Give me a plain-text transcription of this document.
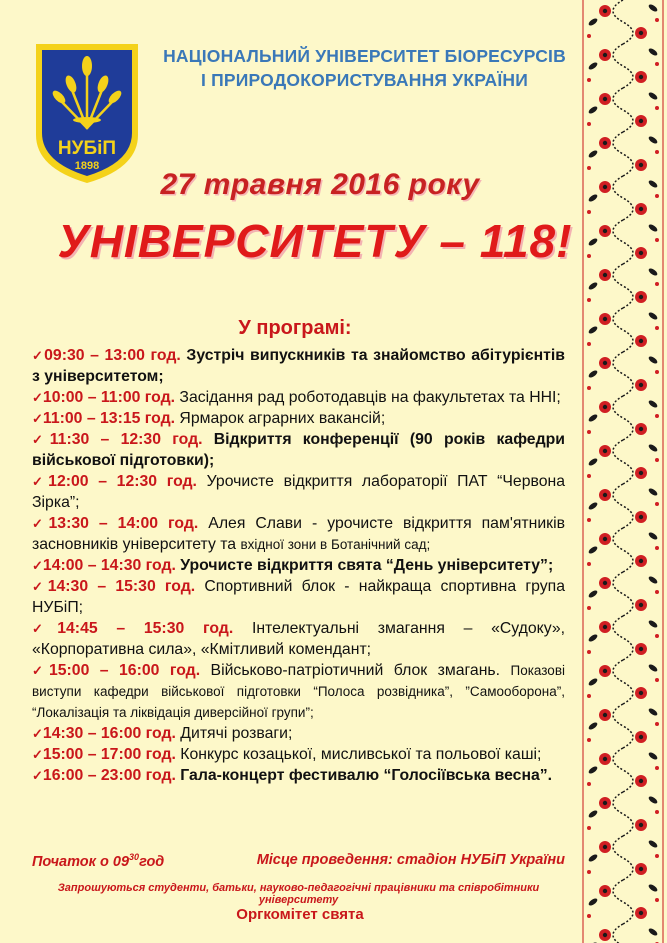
НУБіП
1898
НАЦІОНАЛЬНИЙ УНІВЕРСИТЕТ БІОРЕСУРСІВ
І ПРИРОДОКОРИСТУВАННЯ УКРАЇНИ
27 травня 2016 року
УНІВЕРСИТЕТУ – 118!
У програмі:

✓09:30 – 13:00 год. Зустріч випускників та знайомство абітурієнтів з університетом;

✓10:00 – 11:00 год. Засідання рад роботодавців на факультетах та ННІ;

✓11:00 – 13:15 год. Ярмарок аграрних вакансій;

✓11:30 – 12:30 год. Відкриття конференції (90 років кафедри військової підготовки);

✓12:00 – 12:30 год. Урочисте відкриття лабораторії ПАТ “Червона Зірка”;

✓13:30 – 14:00 год. Алея Слави - урочисте відкриття пам'ятників засновників університету та вхідної зони в Ботанічний сад;

✓14:00 – 14:30 год. Урочисте відкриття свята “День університету”;

✓14:30 – 15:30 год. Спортивний блок - найкраща спортивна група НУБіП;

✓14:45 – 15:30 год. Інтелектуальні змагання – «Судоку», «Корпоративна сила», «Кмітливий комендант;

✓15:00 – 16:00 год. Військово-патріотичний блок змагань. Показові виступи кафедри військової підготовки “Полоса розвідника”, ”Самооборона”, “Локалізація та ліквідація диверсійної групи”;

✓14:30 – 16:00 год. Дитячі розваги;

✓15:00 – 17:00 год. Конкурс козацької, мисливської та польової каші;

✓16:00 – 23:00 год. Гала-концерт фестивалю “Голосіївська весна”.

Початок о $09^{30}год$	Місце проведення: стадіон НУБіП України
Запрошуються студенти, батьки, науково-педагогічні працівники та співробітники університету
Оргкомітет свята
